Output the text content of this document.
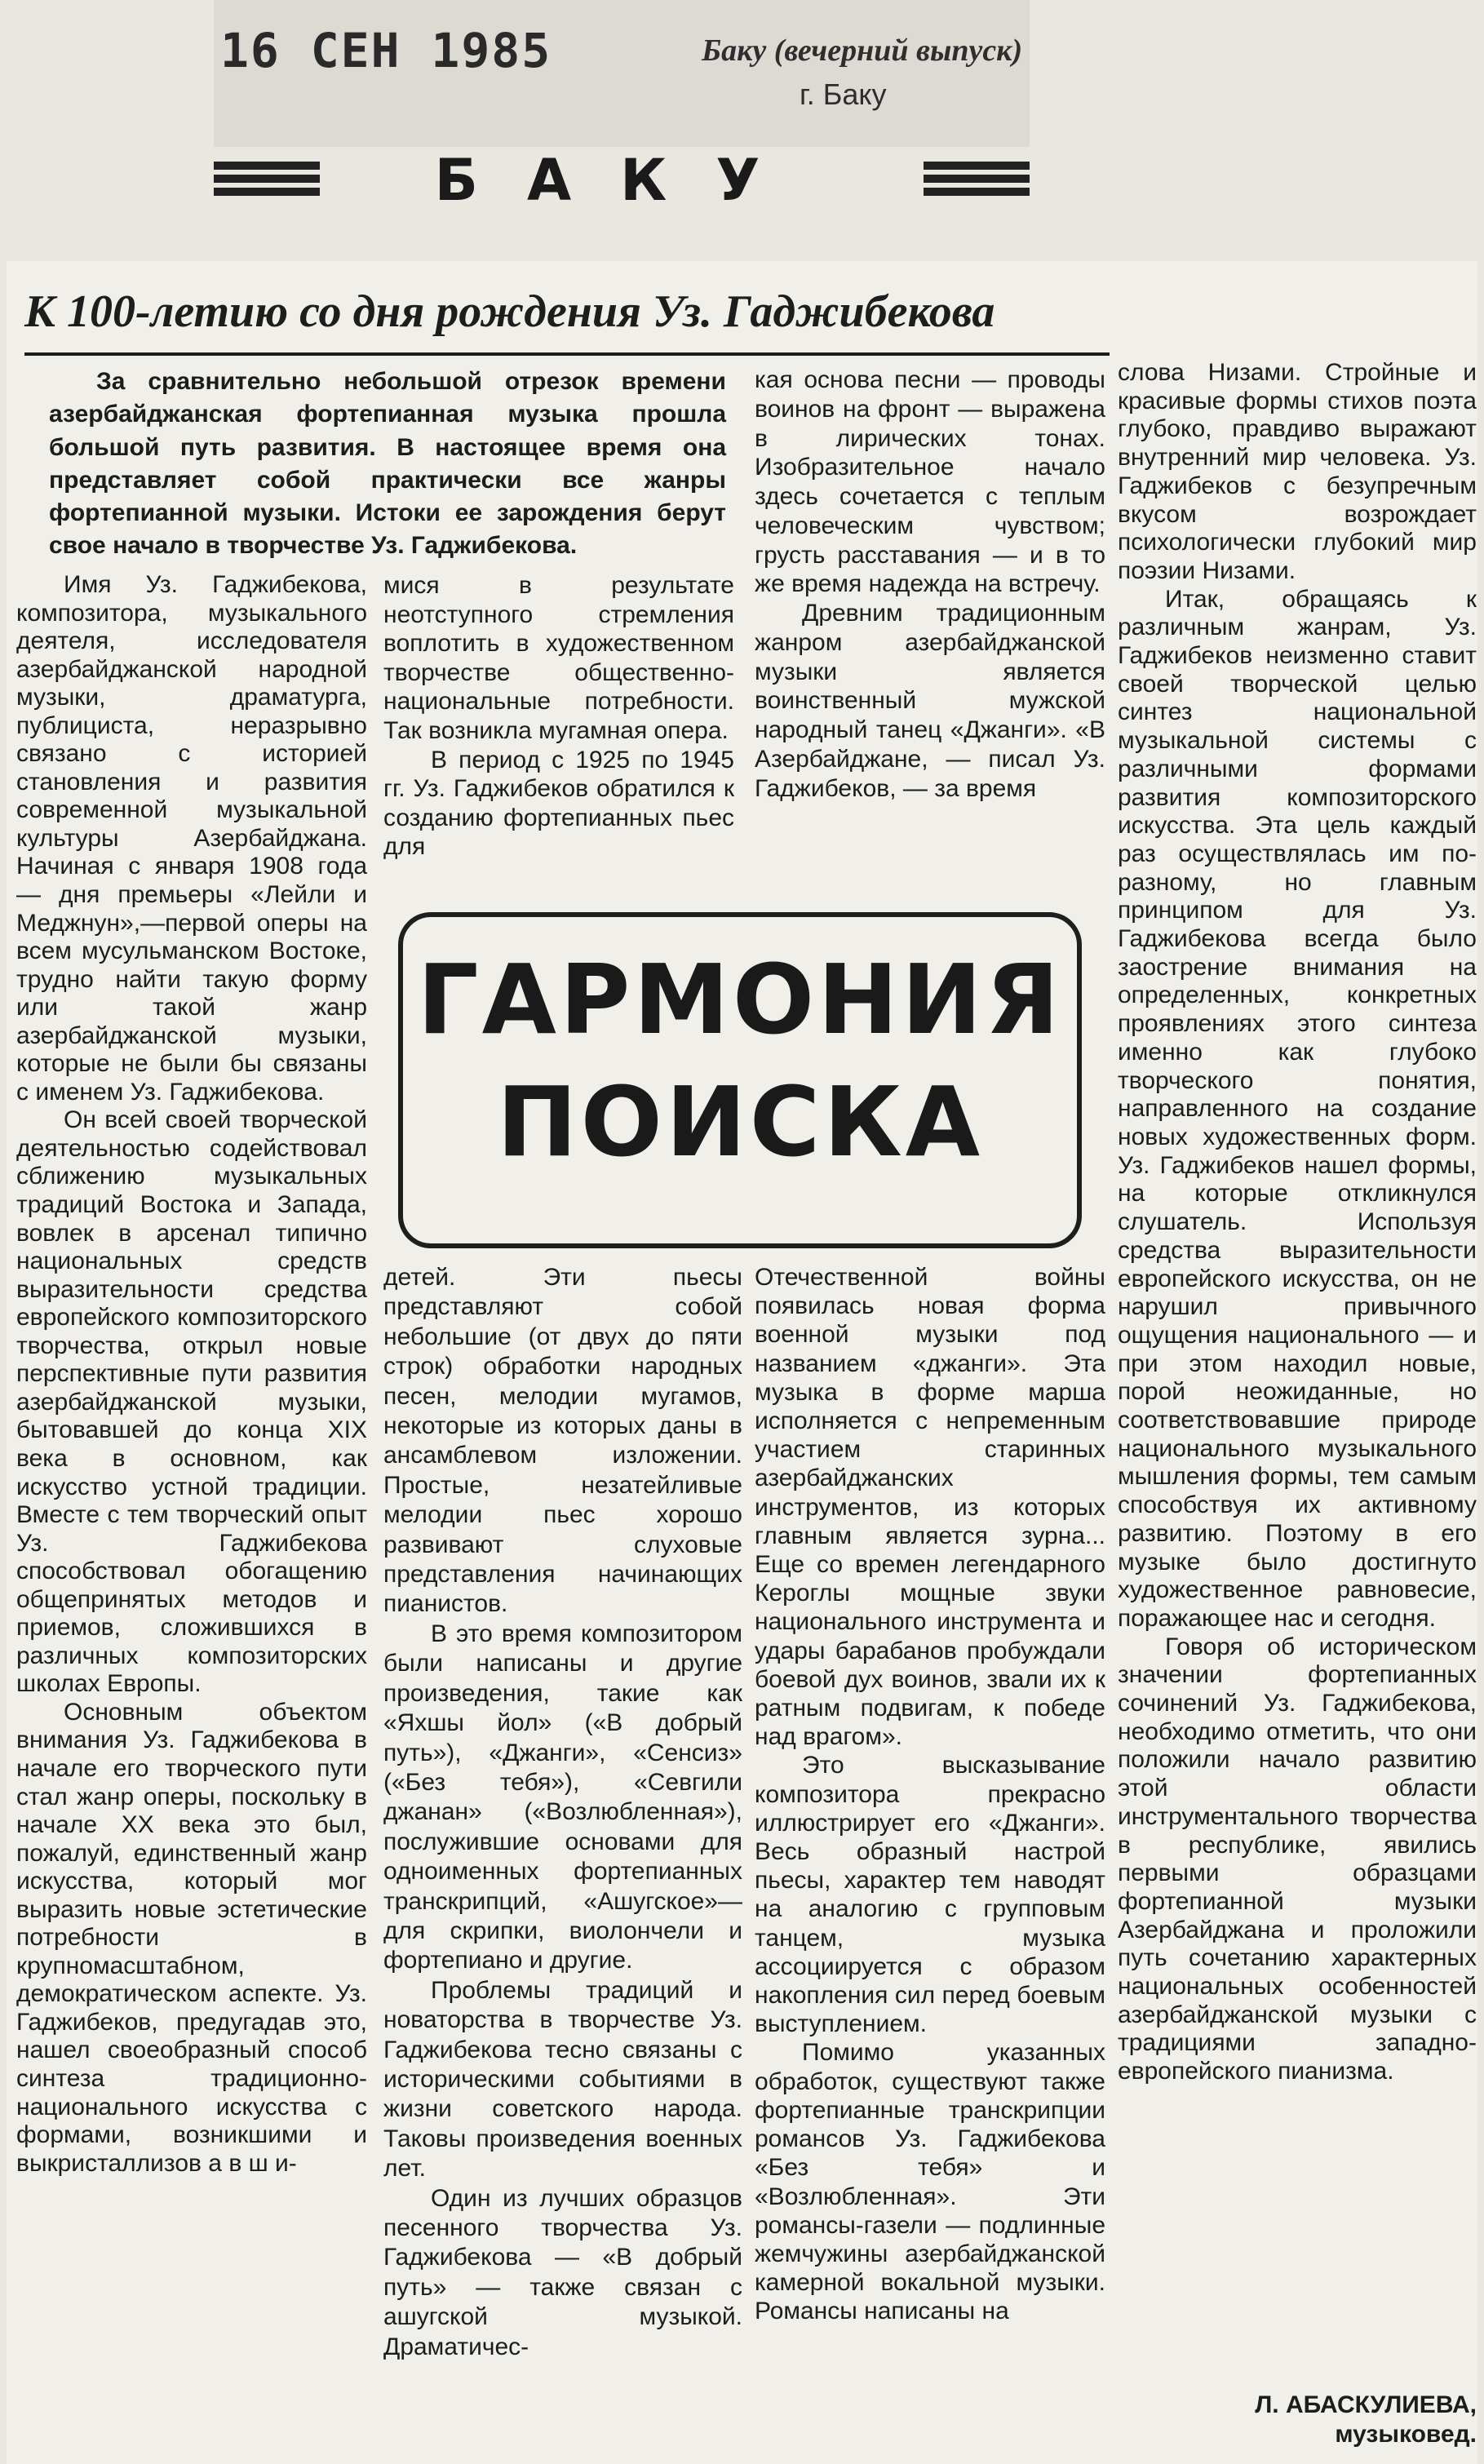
16 СЕН 1985	Баку (вечерний выпуск)
г. Баку
БАКУ
К 100-летию со дня рождения Уз. Гаджибекова
За сравнительно небольшой отрезок времени азербайджанская фортепианная музыка прошла большой путь развития. В настоящее время она представляет собой практически все жанры фортепианной музыки. Истоки ее зарождения берут свое начало в творчестве Уз. Гаджибекова.

Имя Уз. Гаджибекова, композитора, музыкального деятеля, исследователя азербайджанской народной музыки, драматурга, публициста, неразрывно связано с историей становления и развития современной музыкальной культуры Азербайджана. Начиная с января 1908 года — дня премьеры «Лейли и Меджнун»,—первой оперы на всем мусульманском Востоке, трудно найти такую форму или такой жанр азербайджанской музыки, которые не были бы связаны с именем Уз. Гаджибекова.

Он всей своей творческой деятельностью содействовал сближению музыкальных традиций Востока и Запада, вовлек в арсенал типично национальных средств выразительности средства европейского композиторского творчества, открыл новые перспективные пути развития азербайджанской музыки, бытовавшей до конца XIX века в основном, как искусство устной традиции. Вместе с тем творческий опыт Уз. Гаджибекова способствовал обогащению общепринятых методов и приемов, сложившихся в различных композиторских школах Европы.

Основным объектом внимания Уз. Гаджибекова в начале его творческого пути стал жанр оперы, поскольку в начале XX века это был, пожалуй, единственный жанр искусства, который мог выразить новые эстетические потребности в крупномасштабном, демократическом аспекте. Уз. Гаджибеков, предугадав это, нашел своеобразный способ синтеза традиционно-национального искусства с формами, возникшими и выкристаллизов а в ш и-

мися в результате неотступного стремления воплотить в художественном творчестве общественно-национальные потребности. Так возникла мугамная опера.

В период с 1925 по 1945 гг. Уз. Гаджибеков обратился к созданию фортепианных пьес для

кая основа песни — проводы воинов на фронт — выражена в лирических тонах. Изобразительное начало здесь сочетается с теплым человеческим чувством; грусть расставания — и в то же время надежда на встречу.

Древним традиционным жанром азербайджанской музыки является воинственный мужской народный танец «Джанги». «В Азербайджане, — писал Уз. Гаджибеков, — за время

слова Низами. Стройные и красивые формы стихов поэта глубоко, правдиво выражают внутренний мир человека. Уз. Гаджибеков с безупречным вкусом возрождает психологически глубокий мир поэзии Низами.

Итак, обращаясь к различным жанрам, Уз. Гаджибеков неизменно ставит своей творческой целью синтез национальной музыкальной системы с различными формами развития композиторского искусства. Эта цель каждый раз осуществлялась им по-разному, но главным принципом для Уз. Гаджибекова всегда было заострение внимания на определенных, конкретных проявлениях этого синтеза именно как глубоко творческого понятия, направленного на создание новых художественных форм. Уз. Гаджибеков нашел формы, на которые откликнулся слушатель. Используя средства выразительности европейского искусства, он не нарушил привычного ощущения национального — и при этом находил новые, порой неожиданные, но соответствовавшие природе национального музыкального мышления формы, тем самым способствуя их активному развитию. Поэтому в его музыке было достигнуто художественное равновесие, поражающее нас и сегодня.

Говоря об историческом значении фортепианных сочинений Уз. Гаджибекова, необходимо отметить, что они положили начало развитию этой области инструментального творчества в республике, явились первыми образцами фортепианной музыки Азербайджана и проложили путь сочетанию характерных национальных особенностей азербайджанской музыки с традициями западно-европейского пианизма.

ГАРМОНИЯ
ПОИСКА

детей. Эти пьесы представляют собой небольшие (от двух до пяти строк) обработки народных песен, мелодии мугамов, некоторые из которых даны в ансамблевом изложении. Простые, незатейливые мелодии пьес хорошо развивают слуховые представления начинающих пианистов.

В это время композитором были написаны и другие произведения, такие как «Яхшы йол» («В добрый путь»), «Джанги», «Сенсиз» («Без тебя»), «Севгили джанан» («Возлюбленная»), послужившие основами для одноименных фортепианных транскрипций, «Ашугское»—для скрипки, виолончели и фортепиано и другие.

Проблемы традиций и новаторства в творчестве Уз. Гаджибекова тесно связаны с историческими событиями в жизни советского народа. Таковы произведения военных лет.

Один из лучших образцов песенного творчества Уз. Гаджибекова — «В добрый путь» — также связан с ашугской музыкой. Драматичес-

Отечественной войны появилась новая форма военной музыки под названием «джанги». Эта музыка в форме марша исполняется с непременным участием старинных азербайджанских инструментов, из которых главным является зурна... Еще со времен легендарного Кероглы мощные звуки национального инструмента и удары барабанов пробуждали боевой дух воинов, звали их к ратным подвигам, к победе над врагом».

Это высказывание композитора прекрасно иллюстрирует его «Джанги». Весь образный настрой пьесы, характер тем наводят на аналогию с групповым танцем, музыка ассоциируется с образом накопления сил перед боевым выступлением.

Помимо указанных обработок, существуют также фортепианные транскрипции романсов Уз. Гаджибекова «Без тебя» и «Возлюбленная». Эти романсы-газели — подлинные жемчужины азербайджанской камерной вокальной музыки. Романсы написаны на

Л. АБАСКУЛИЕВА,
музыковед.
